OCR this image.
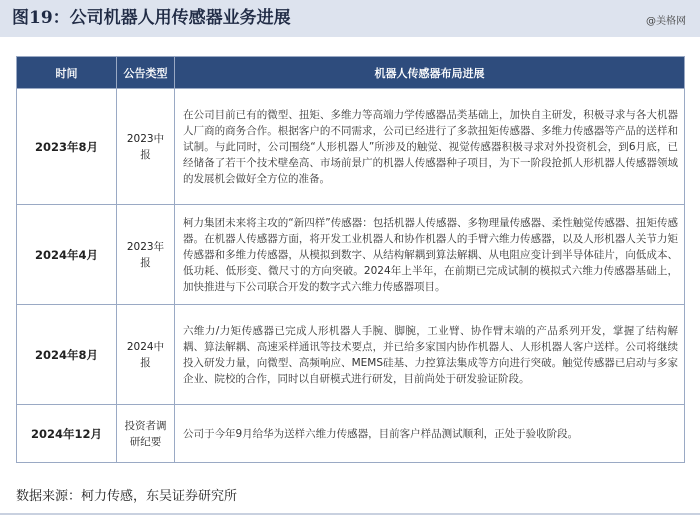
图19：公司机器人用传感器业务进展	@美格网
时间	公告类型	机器人传感器布局进展
2023年8月	2023中报	在公司目前已有的微型、扭矩、多维力等高端力学传感器品类基础上，加快自主研发，积极寻求与各大机器人厂商的商务合作。根据客户的不同需求，公司已经进行了多款扭矩传感器、多维力传感器等产品的送样和试制。与此同时，公司围绕“人形机器人”所涉及的触觉、视觉传感器积极寻求对外投资机会，到6月底，已经储备了若干个技术壁垒高、市场前景广的机器人传感器种子项目，为下一阶段抢抓人形机器人传感器领域的发展机会做好全方位的准备。
2024年4月	2023年报	柯力集团未来将主攻的“新四样”传感器：包括机器人传感器、多物理量传感器、柔性触觉传感器、扭矩传感器。在机器人传感器方面，将开发工业机器人和协作机器人的手臂六维力传感器，以及人形机器人关节力矩传感器和多维力传感器，从模拟到数字、从结构解耦到算法解耦、从电阻应变计到半导体硅片，向低成本、低功耗、低形变、微尺寸的方向突破。2024年上半年，在前期已完成试制的模拟式六维力传感器基础上，加快推进与下公司联合开发的数字式六维力传感器项目。
2024年8月	2024中报	六维力/力矩传感器已完成人形机器人手腕、脚腕，工业臂、协作臂末端的产品系列开发，掌握了结构解耦、算法解耦、高速采样通讯等技术要点，并已给多家国内协作机器人、人形机器人客户送样。公司将继续投入研发力量，向微型、高频响应、MEMS硅基、力控算法集成等方向进行突破。触觉传感器已启动与多家企业、院校的合作，同时以自研模式进行研发，目前尚处于研发验证阶段。
2024年12月	投资者调研纪要	公司于今年9月给华为送样六维力传感器，目前客户样品测试顺利，正处于验收阶段。
数据来源：柯力传感，东吴证券研究所
